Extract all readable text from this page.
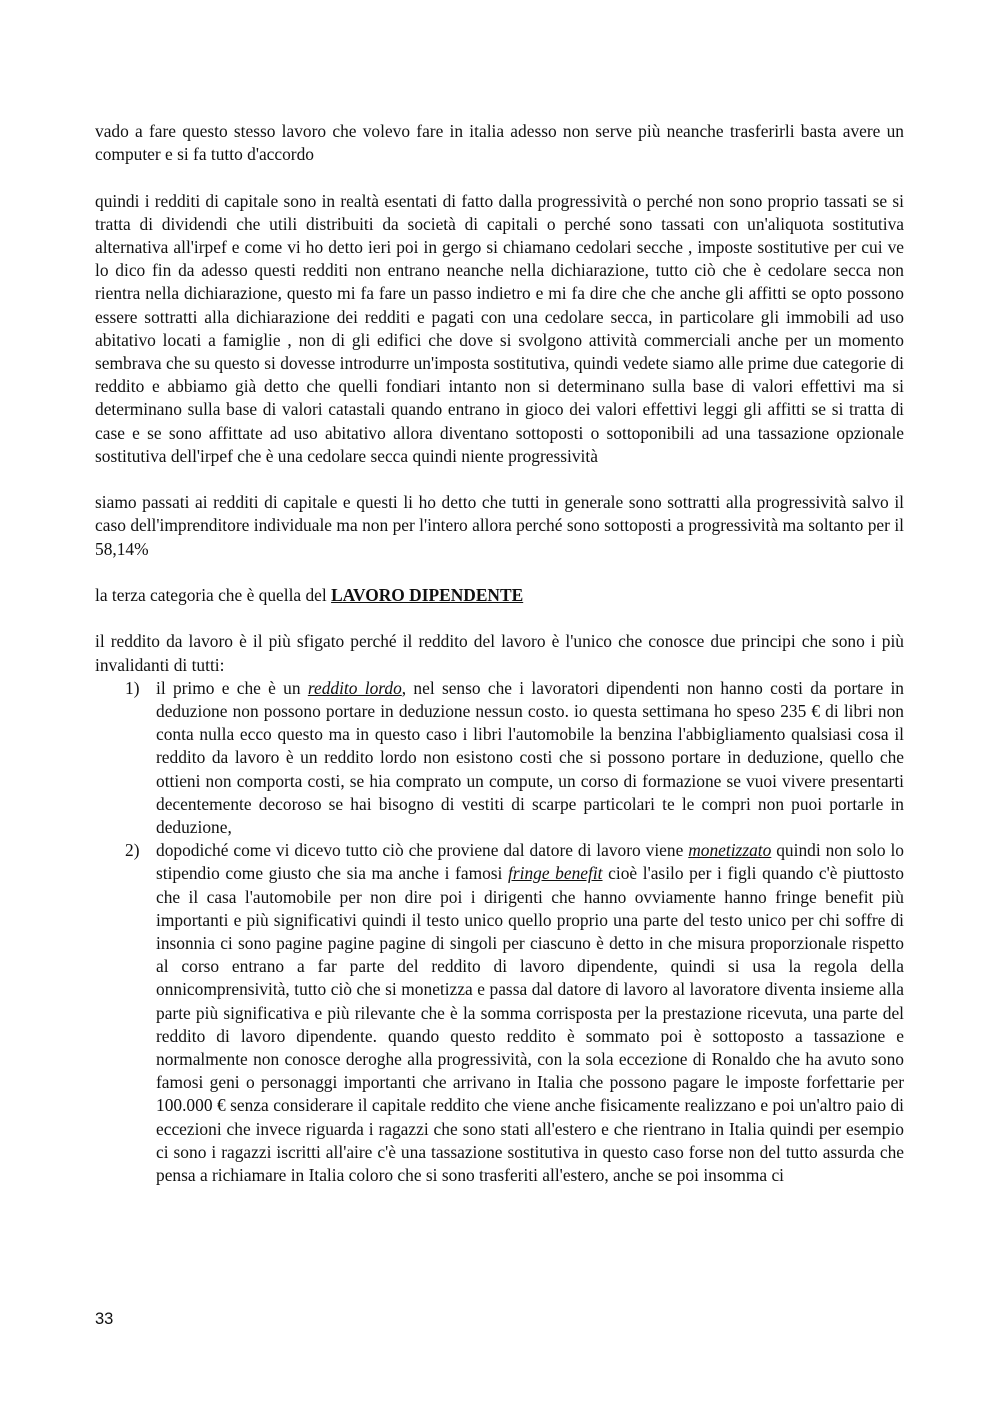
vado a fare questo stesso lavoro che volevo fare in italia adesso non serve più neanche trasferirli basta avere un computer e si fa tutto d'accordo

quindi i redditi di capitale sono in realtà esentati di fatto dalla progressività o perché non sono proprio tassati se si tratta di dividendi che utili distribuiti da società di capitali o perché sono tassati con un'aliquota sostitutiva alternativa all'irpef e come vi ho detto ieri poi in gergo si chiamano cedolari secche , imposte sostitutive per cui ve lo dico fin da adesso questi redditi non entrano neanche nella dichiarazione, tutto ciò che è cedolare secca non rientra nella dichiarazione, questo mi fa fare un passo indietro e mi fa dire che che anche gli affitti se opto possono essere sottratti alla dichiarazione dei redditi e pagati con una cedolare secca, in particolare gli immobili ad uso abitativo locati a famiglie , non di gli edifici che dove si svolgono attività commerciali anche per un momento sembrava che su questo si dovesse introdurre un'imposta sostitutiva, quindi vedete siamo alle prime due categorie di reddito e abbiamo già detto che quelli fondiari intanto non si determinano sulla base di valori effettivi ma si determinano sulla base di valori catastali quando entrano in gioco dei valori effettivi leggi gli affitti se si tratta di case e se sono affittate ad uso abitativo allora diventano sottoposti o sottoponibili ad una tassazione opzionale sostitutiva dell'irpef che è una cedolare secca quindi niente progressività

siamo passati ai redditi di capitale e questi li ho detto che tutti in generale sono sottratti alla progressività salvo il caso dell'imprenditore individuale ma non per l'intero allora perché sono sottoposti a progressività ma soltanto per il 58,14%

la terza categoria che è quella del LAVORO DIPENDENTE

il reddito da lavoro è il più sfigato perché il reddito del lavoro è l'unico che conosce due principi che sono i più invalidanti di tutti:

1) il primo e che è un reddito lordo, nel senso che i lavoratori dipendenti non hanno costi da portare in deduzione non possono portare in deduzione nessun costo. io questa settimana ho speso 235 € di libri non conta nulla ecco questo ma in questo caso i libri l'automobile la benzina l'abbigliamento qualsiasi cosa il reddito da lavoro è un reddito lordo non esistono costi che si possono portare in deduzione, quello che ottieni non comporta costi, se hia comprato un compute, un corso di formazione se vuoi vivere presentarti decentemente decoroso se hai bisogno di vestiti di scarpe particolari te le compri non puoi portarle in deduzione,
2) dopodiché come vi dicevo tutto ciò che proviene dal datore di lavoro viene monetizzato quindi non solo lo stipendio come giusto che sia ma anche i famosi fringe benefit cioè l'asilo per i figli quando c'è piuttosto che il casa l'automobile per non dire poi i dirigenti che hanno ovviamente hanno fringe benefit più importanti e più significativi quindi il testo unico quello proprio una parte del testo unico per chi soffre di insonnia ci sono pagine pagine pagine di singoli per ciascuno è detto in che misura proporzionale rispetto al corso entrano a far parte del reddito di lavoro dipendente, quindi si usa la regola della onnicomprensività, tutto ciò che si monetizza e passa dal datore di lavoro al lavoratore diventa insieme alla parte più significativa e più rilevante che è la somma corrisposta per la prestazione ricevuta, una parte del reddito di lavoro dipendente. quando questo reddito è sommato poi è sottoposto a tassazione e normalmente non conosce deroghe alla progressività, con la sola eccezione di Ronaldo che ha avuto sono famosi geni o personaggi importanti che arrivano in Italia che possono pagare le imposte forfettarie per 100.000 € senza considerare il capitale reddito che viene anche fisicamente realizzano e poi un'altro paio di eccezioni che invece riguarda i ragazzi che sono stati all'estero e che rientrano in Italia quindi per esempio ci sono i ragazzi iscritti all'aire c'è una tassazione sostitutiva in questo caso forse non del tutto assurda che pensa a richiamare in Italia coloro che si sono trasferiti all'estero, anche se poi insomma ci
33
